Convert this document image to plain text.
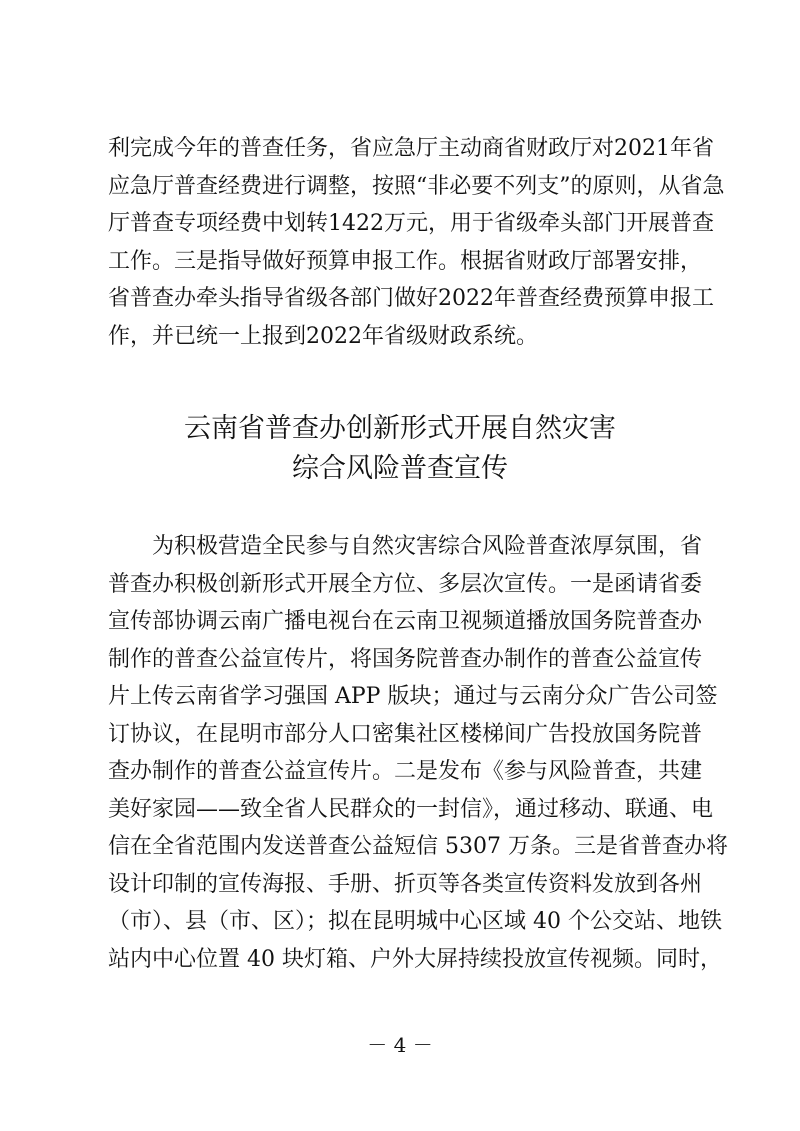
利完成今年的普查任务，省应急厅主动商省财政厅对2021年省
应急厅普查经费进行调整，按照“非必要不列支”的原则，从省急
厅普查专项经费中划转1422万元，用于省级牵头部门开展普查
工作。三是指导做好预算申报工作。根据省财政厅部署安排，
省普查办牵头指导省级各部门做好2022年普查经费预算申报工
作，并已统一上报到2022年省级财政系统。
云南省普查办创新形式开展自然灾害
综合风险普查宣传
为积极营造全民参与自然灾害综合风险普查浓厚氛围，省
普查办积极创新形式开展全方位、多层次宣传。一是函请省委
宣传部协调云南广播电视台在云南卫视频道播放国务院普查办
制作的普查公益宣传片，将国务院普查办制作的普查公益宣传
片上传云南省学习强国 APP 版块；通过与云南分众广告公司签
订协议，在昆明市部分人口密集社区楼梯间广告投放国务院普
查办制作的普查公益宣传片。二是发布《参与风险普查，共建
美好家园——致全省人民群众的一封信》，通过移动、联通、电
信在全省范围内发送普查公益短信 5307 万条。三是省普查办将
设计印制的宣传海报、手册、折页等各类宣传资料发放到各州
（市）、县（市、区）；拟在昆明城中心区域 40 个公交站、地铁
站内中心位置 40 块灯箱、户外大屏持续投放宣传视频。同时，
－ 4 －
